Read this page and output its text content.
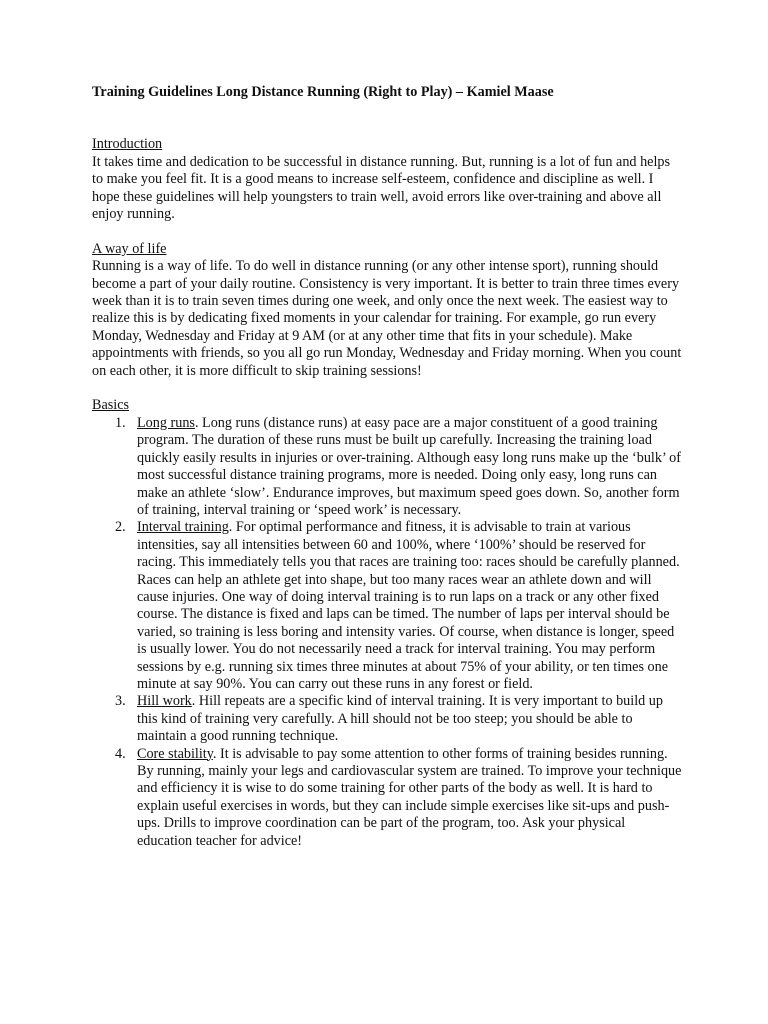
Training Guidelines Long Distance Running (Right to Play) – Kamiel Maase
Introduction

It takes time and dedication to be successful in distance running. But, running is a lot of fun and helps to make you feel fit. It is a good means to increase self-esteem, confidence and discipline as well. I hope these guidelines will help youngsters to train well, avoid errors like over-training and above all enjoy running.

A way of life

Running is a way of life. To do well in distance running (or any other intense sport), running should become a part of your daily routine. Consistency is very important. It is better to train three times every week than it is to train seven times during one week, and only once the next week. The easiest way to realize this is by dedicating fixed moments in your calendar for training. For example, go run every Monday, Wednesday and Friday at 9 AM (or at any other time that fits in your schedule). Make appointments with friends, so you all go run Monday, Wednesday and Friday morning. When you count on each other, it is more difficult to skip training sessions!

Basics
1. Long runs. Long runs (distance runs) at easy pace are a major constituent of a good training program. The duration of these runs must be built up carefully. Increasing the training load quickly easily results in injuries or over-training. Although easy long runs make up the ‘bulk’ of most successful distance training programs, more is needed. Doing only easy, long runs can make an athlete ‘slow’. Endurance improves, but maximum speed goes down. So, another form of training, interval training or ‘speed work’ is necessary.
2. Interval training. For optimal performance and fitness, it is advisable to train at various intensities, say all intensities between 60 and 100%, where ‘100%’ should be reserved for racing. This immediately tells you that races are training too: races should be carefully planned. Races can help an athlete get into shape, but too many races wear an athlete down and will cause injuries. One way of doing interval training is to run laps on a track or any other fixed course. The distance is fixed and laps can be timed. The number of laps per interval should be varied, so training is less boring and intensity varies. Of course, when distance is longer, speed is usually lower. You do not necessarily need a track for interval training. You may perform sessions by e.g. running six times three minutes at about 75% of your ability, or ten times one minute at say 90%. You can carry out these runs in any forest or field.
3. Hill work. Hill repeats are a specific kind of interval training. It is very important to build up this kind of training very carefully. A hill should not be too steep; you should be able to maintain a good running technique.
4. Core stability. It is advisable to pay some attention to other forms of training besides running. By running, mainly your legs and cardiovascular system are trained. To improve your technique and efficiency it is wise to do some training for other parts of the body as well. It is hard to explain useful exercises in words, but they can include simple exercises like sit-ups and push-ups. Drills to improve coordination can be part of the program, too. Ask your physical education teacher for advice!
